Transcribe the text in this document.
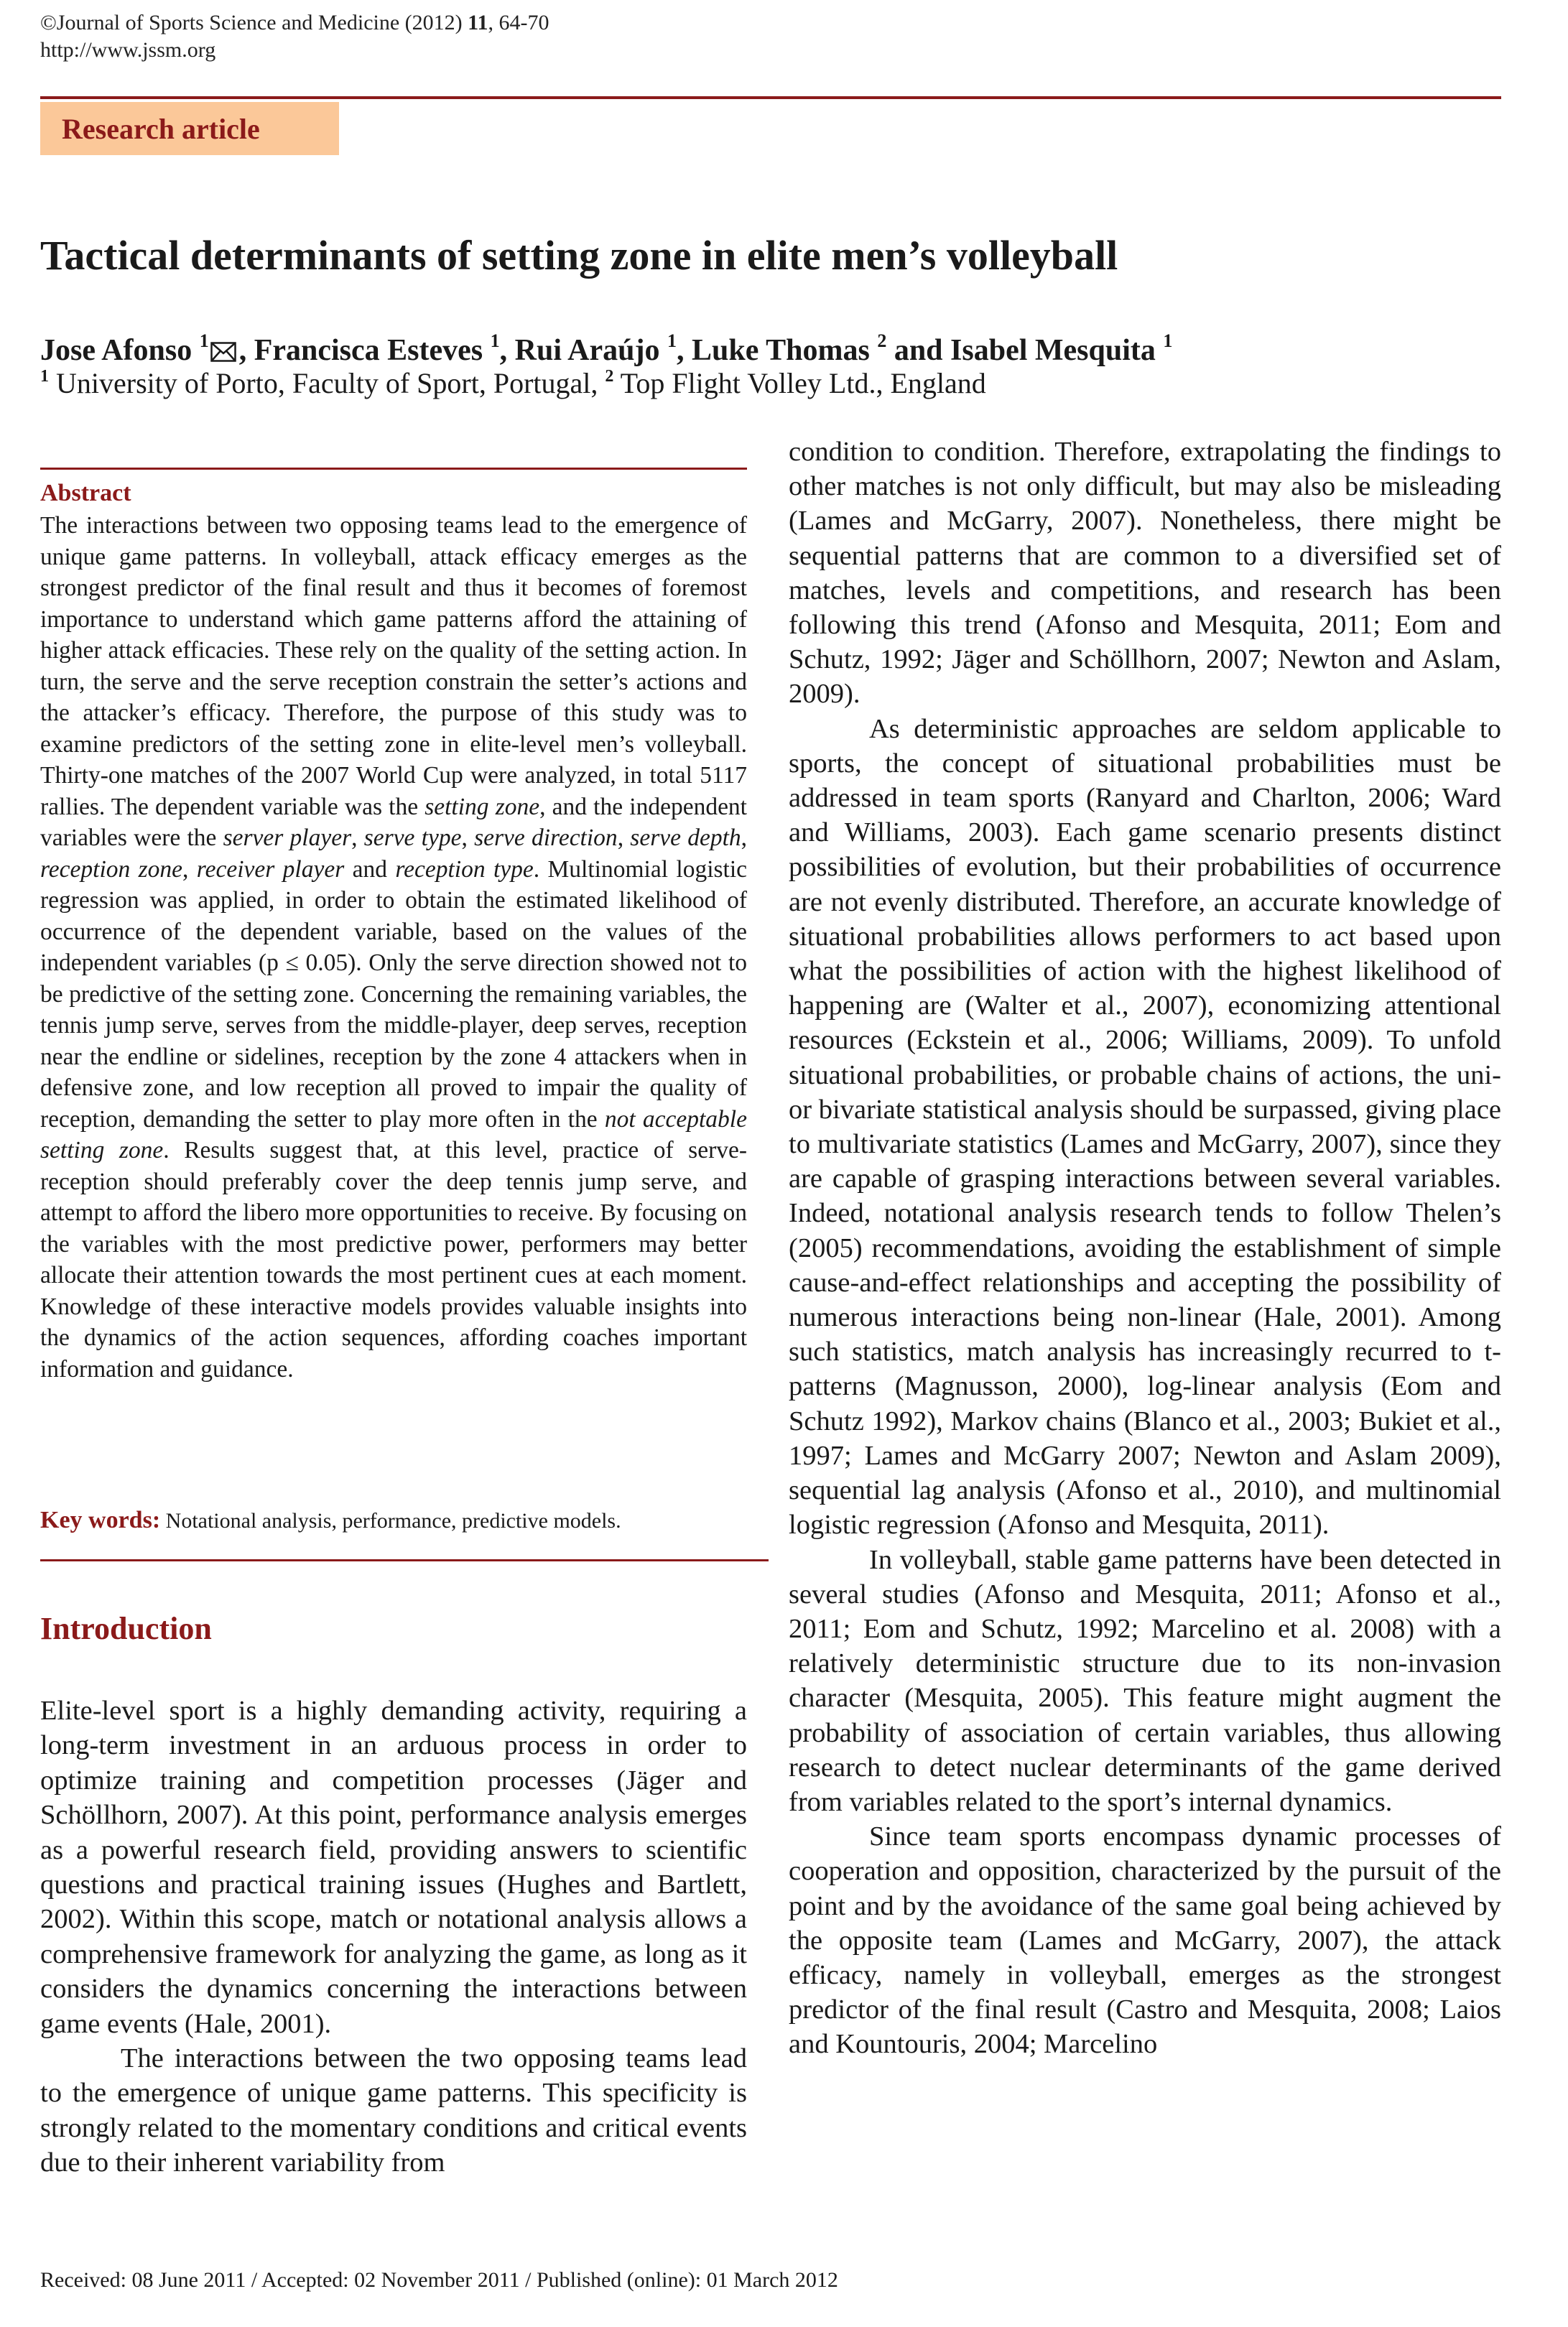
©Journal of Sports Science and Medicine (2012) 11, 64-70
http://www.jssm.org
Research article
Tactical determinants of setting zone in elite men’s volleyball
Jose Afonso $^1$ , Francisca Esteves $^1$, Rui Araújo $^1$, Luke Thomas $^2$ and Isabel Mesquita $^1$
$^1$ University of Porto, Faculty of Sport, Portugal, $^2$ Top Flight Volley Ltd., England
Abstract

The interactions between two opposing teams lead to the emergence of unique game patterns. In volleyball, attack efficacy emerges as the strongest predictor of the final result and thus it becomes of foremost importance to understand which game patterns afford the attaining of higher attack efficacies. These rely on the quality of the setting action. In turn, the serve and the serve reception constrain the setter’s actions and the attacker’s efficacy. Therefore, the purpose of this study was to examine predictors of the setting zone in elite-level men’s volleyball. Thirty-one matches of the 2007 World Cup were analyzed, in total 5117 rallies. The dependent variable was the setting zone, and the independent variables were the server player, serve type, serve direction, serve depth, reception zone, receiver player and reception type. Multinomial logistic regression was applied, in order to obtain the estimated likelihood of occurrence of the dependent variable, based on the values of the independent variables (p ≤ 0.05). Only the serve direction showed not to be predictive of the setting zone. Concerning the remaining variables, the tennis jump serve, serves from the middle-player, deep serves, reception near the endline or sidelines, reception by the zone 4 attackers when in defensive zone, and low reception all proved to impair the quality of reception, demanding the setter to play more often in the not acceptable setting zone. Results suggest that, at this level, practice of serve-reception should preferably cover the deep tennis jump serve, and attempt to afford the libero more opportunities to receive. By focusing on the variables with the most predictive power, performers may better allocate their attention towards the most pertinent cues at each moment. Knowledge of these interactive models provides valuable insights into the dynamics of the action sequences, affording coaches important information and guidance.

Key words: Notational analysis, performance, predictive models.
Introduction

Elite-level sport is a highly demanding activity, requiring a long-term investment in an arduous process in order to optimize training and competition processes (Jäger and Schöllhorn, 2007). At this point, performance analysis emerges as a powerful research field, providing answers to scientific questions and practical training issues (Hughes and Bartlett, 2002). Within this scope, match or notational analysis allows a comprehensive framework for analyzing the game, as long as it considers the dynamics concerning the interactions between game events (Hale, 2001).

The interactions between the two opposing teams lead to the emergence of unique game patterns. This specificity is strongly related to the momentary conditions and critical events due to their inherent variability from

condition to condition. Therefore, extrapolating the findings to other matches is not only difficult, but may also be misleading (Lames and McGarry, 2007). Nonetheless, there might be sequential patterns that are common to a diversified set of matches, levels and competitions, and research has been following this trend (Afonso and Mesquita, 2011; Eom and Schutz, 1992; Jäger and Schöllhorn, 2007; Newton and Aslam, 2009).

As deterministic approaches are seldom applicable to sports, the concept of situational probabilities must be addressed in team sports (Ranyard and Charlton, 2006; Ward and Williams, 2003). Each game scenario presents distinct possibilities of evolution, but their probabilities of occurrence are not evenly distributed. Therefore, an accurate knowledge of situational probabilities allows performers to act based upon what the possibilities of action with the highest likelihood of happening are (Walter et al., 2007), economizing attentional resources (Eckstein et al., 2006; Williams, 2009). To unfold situational probabilities, or probable chains of actions, the uni- or bivariate statistical analysis should be surpassed, giving place to multivariate statistics (Lames and McGarry, 2007), since they are capable of grasping interactions between several variables. Indeed, notational analysis research tends to follow Thelen’s (2005) recommendations, avoiding the establishment of simple cause-and-effect relationships and accepting the possibility of numerous interactions being non-linear (Hale, 2001). Among such statistics, match analysis has increasingly recurred to t-patterns (Magnusson, 2000), log-linear analysis (Eom and Schutz 1992), Markov chains (Blanco et al., 2003; Bukiet et al., 1997; Lames and McGarry 2007; Newton and Aslam 2009), sequential lag analysis (Afonso et al., 2010), and multinomial logistic regression (Afonso and Mesquita, 2011).

In volleyball, stable game patterns have been detected in several studies (Afonso and Mesquita, 2011; Afonso et al., 2011; Eom and Schutz, 1992; Marcelino et al. 2008) with a relatively deterministic structure due to its non-invasion character (Mesquita, 2005). This feature might augment the probability of association of certain variables, thus allowing research to detect nuclear determinants of the game derived from variables related to the sport’s internal dynamics.

Since team sports encompass dynamic processes of cooperation and opposition, characterized by the pursuit of the point and by the avoidance of the same goal being achieved by the opposite team (Lames and McGarry, 2007), the attack efficacy, namely in volleyball, emerges as the strongest predictor of the final result (Castro and Mesquita, 2008; Laios and Kountouris, 2004; Marcelino

Received: 08 June 2011 / Accepted: 02 November 2011 / Published (online): 01 March 2012
